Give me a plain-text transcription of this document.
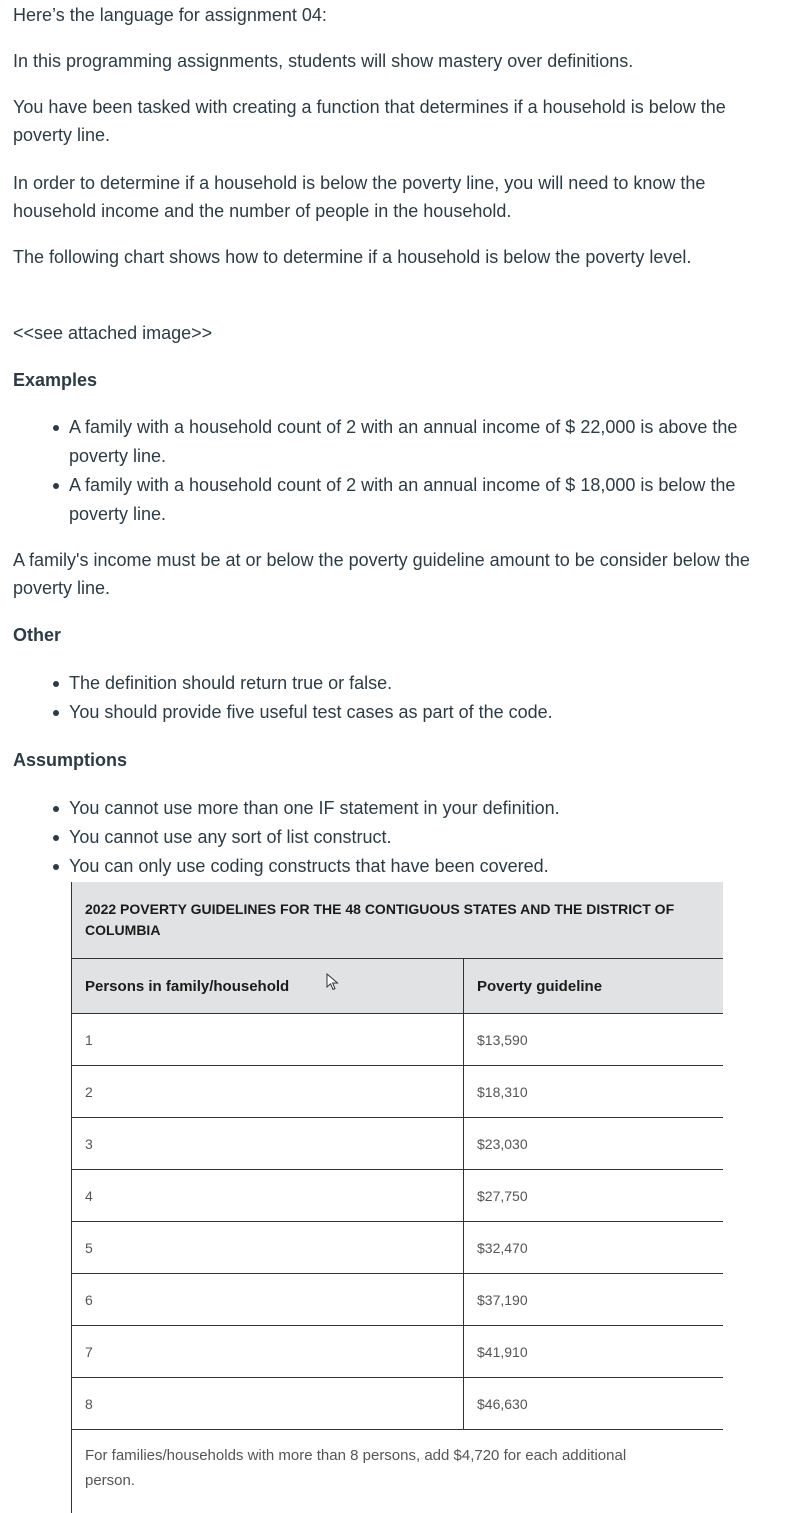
Here’s the language for assignment 04:

In this programming assignments, students will show mastery over definitions.

You have been tasked with creating a function that determines if a household is below the poverty line.

In order to determine if a household is below the poverty line, you will need to know the household income and the number of people in the household.

The following chart shows how to determine if a household is below the poverty level.

<<see attached image>>

Examples
A family with a household count of 2 with an annual income of $ 22,000 is above the poverty line.
A family with a household count of 2 with an annual income of $ 18,000 is below the poverty line.

A family's income must be at or below the poverty guideline amount to be consider below the poverty line.

Other
The definition should return true or false.
You should provide five useful test cases as part of the code.
Assumptions
You cannot use more than one IF statement in your definition.
You cannot use any sort of list construct.
You can only use coding constructs that have been covered.
2022 POVERTY GUIDELINES FOR THE 48 CONTIGUOUS STATES AND THE DISTRICT OF COLUMBIA
Persons in family/household	Poverty guideline
1	$13,590
2	$18,310
3	$23,030
4	$27,750
5	$32,470
6	$37,190
7	$41,910
8	$46,630
For families/households with more than 8 persons, add $4,720 for each additional person.
